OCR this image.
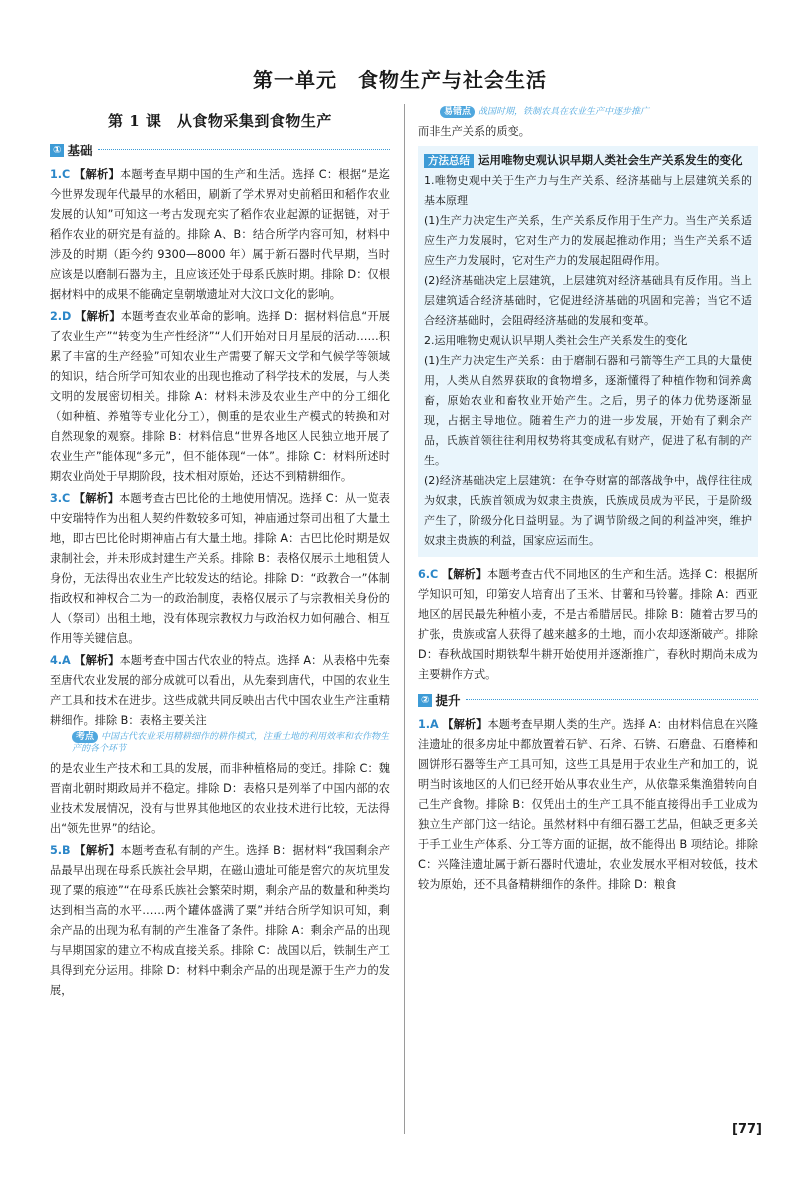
第一单元　食物生产与社会生活
第 1 课　从食物采集到食物生产
① 基础

1.C 【解析】本题考查早期中国的生产和生活。选择 C：根据“是迄今世界发现年代最早的水稻田，刷新了学术界对史前稻田和稻作农业发展的认知”可知这一考古发现充实了稻作农业起源的证据链，对于稻作农业的研究是有益的。排除 A、B：结合所学内容可知，材料中涉及的时期（距今约 9300—8000 年）属于新石器时代早期，当时应该是以磨制石器为主，且应该还处于母系氏族时期。排除 D：仅根据材料中的成果不能确定皇朝墩遗址对大汶口文化的影响。

2.D 【解析】本题考查农业革命的影响。选择 D：据材料信息“开展了农业生产”“转变为生产性经济”“人们开始对日月星辰的活动……积累了丰富的生产经验”可知农业生产需要了解天文学和气候学等领域的知识，结合所学可知农业的出现也推动了科学技术的发展，与人类文明的发展密切相关。排除 A：材料未涉及农业生产中的分工细化（如种植、养殖等专业化分工），侧重的是农业生产模式的转换和对自然现象的观察。排除 B：材料信息“世界各地区人民独立地开展了农业生产”能体现“多元”，但不能体现“一体”。排除 C：材料所述时期农业尚处于早期阶段，技术相对原始，还达不到精耕细作。

3.C 【解析】本题考查古巴比伦的土地使用情况。选择 C：从一览表中安瑞特作为出租人契约件数较多可知，神庙通过祭司出租了大量土地，即古巴比伦时期神庙占有大量土地。排除 A：古巴比伦时期是奴隶制社会，并未形成封建生产关系。排除 B：表格仅展示土地租赁人身份，无法得出农业生产比较发达的结论。排除 D：“政教合一”体制指政权和神权合二为一的政治制度，表格仅展示了与宗教相关身份的人（祭司）出租土地，没有体现宗教权力与政治权力如何融合、相互作用等关键信息。

4.A 【解析】本题考查中国古代农业的特点。选择 A：从表格中先秦至唐代农业发展的部分成就可以看出，从先秦到唐代，中国的农业生产工具和技术在进步。这些成就共同反映出古代中国农业生产注重精耕细作。排除 B：表格主要关注

考点 中国古代农业采用精耕细作的耕作模式，注重土地的利用效率和农作物生产的各个环节

的是农业生产技术和工具的发展，而非种植格局的变迁。排除 C：魏晋南北朝时期政局并不稳定。排除 D：表格只是列举了中国内部的农业技术发展情况，没有与世界其他地区的农业技术进行比较，无法得出“领先世界”的结论。

5.B 【解析】本题考查私有制的产生。选择 B：据材料“我国剩余产品最早出现在母系氏族社会早期，在磁山遗址可能是窖穴的灰坑里发现了粟的痕迹”“在母系氏族社会繁荣时期，剩余产品的数量和种类均达到相当高的水平……两个罐体盛满了粟”并结合所学知识可知，剩余产品的出现为私有制的产生准备了条件。排除 A：剩余产品的出现与早期国家的建立不构成直接关系。排除 C：战国以后，铁制生产工具得到充分运用。排除 D：材料中剩余产品的出现是源于生产力的发展，

易错点 战国时期，铁制农具在农业生产中逐步推广

而非生产关系的质变。

方法总结 运用唯物史观认识早期人类社会生产关系发生的变化

1.唯物史观中关于生产力与生产关系、经济基础与上层建筑关系的基本原理

(1)生产力决定生产关系，生产关系反作用于生产力。当生产关系适应生产力发展时，它对生产力的发展起推动作用；当生产关系不适应生产力发展时，它对生产力的发展起阻碍作用。

(2)经济基础决定上层建筑，上层建筑对经济基础具有反作用。当上层建筑适合经济基础时，它促进经济基础的巩固和完善；当它不适合经济基础时，会阻碍经济基础的发展和变革。

2.运用唯物史观认识早期人类社会生产关系发生的变化

(1)生产力决定生产关系：由于磨制石器和弓箭等生产工具的大量使用，人类从自然界获取的食物增多，逐渐懂得了种植作物和饲养禽畜，原始农业和畜牧业开始产生。之后，男子的体力优势逐渐显现，占据主导地位。随着生产力的进一步发展，开始有了剩余产品，氏族首领往往利用权势将其变成私有财产，促进了私有制的产生。

(2)经济基础决定上层建筑：在争夺财富的部落战争中，战俘往往成为奴隶，氏族首领成为奴隶主贵族，氏族成员成为平民，于是阶级产生了，阶级分化日益明显。为了调节阶级之间的利益冲突，维护奴隶主贵族的利益，国家应运而生。

6.C 【解析】本题考查古代不同地区的生产和生活。选择 C：根据所学知识可知，印第安人培育出了玉米、甘薯和马铃薯。排除 A：西亚地区的居民最先种植小麦，不是古希腊居民。排除 B：随着古罗马的扩张，贵族或富人获得了越来越多的土地，而小农却逐渐破产。排除 D：春秋战国时期铁犁牛耕开始使用并逐渐推广，春秋时期尚未成为主要耕作方式。

② 提升

1.A 【解析】本题考查早期人类的生产。选择 A：由材料信息在兴隆洼遗址的很多房址中都放置着石铲、石斧、石锛、石磨盘、石磨棒和圆饼形石器等生产工具可知，这些工具是用于农业生产和加工的，说明当时该地区的人们已经开始从事农业生产，从依靠采集渔猎转向自己生产食物。排除 B：仅凭出土的生产工具不能直接得出手工业成为独立生产部门这一结论。虽然材料中有细石器工艺品，但缺乏更多关于手工业生产体系、分工等方面的证据，故不能得出 B 项结论。排除 C：兴隆洼遗址属于新石器时代遗址，农业发展水平相对较低，技术较为原始，还不具备精耕细作的条件。排除 D：粮食

[77]
